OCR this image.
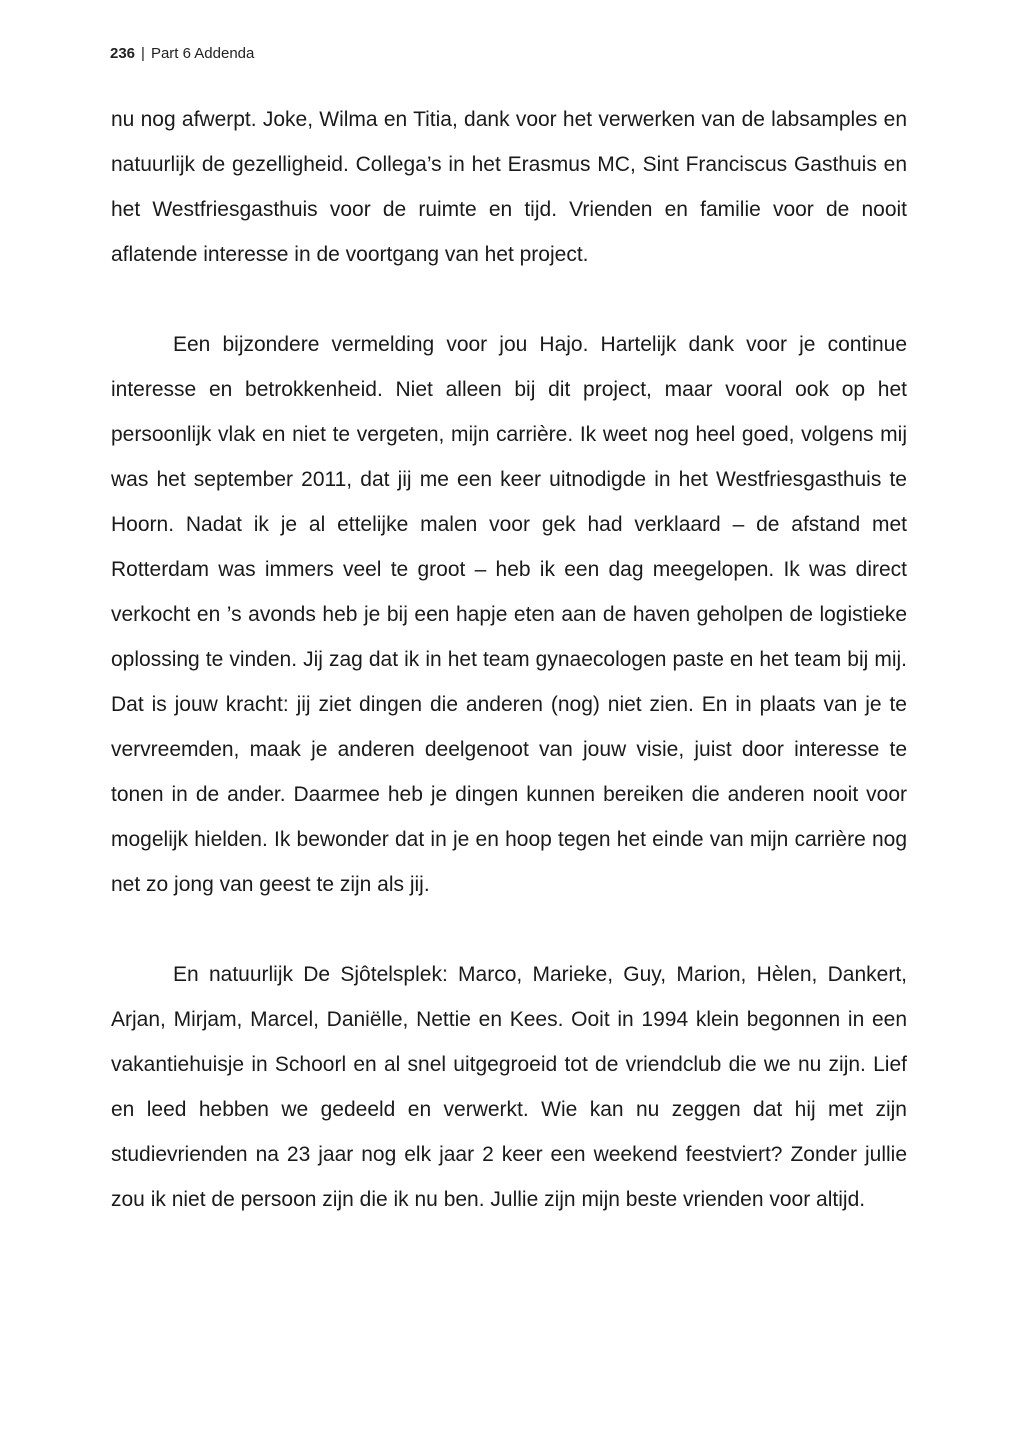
236 | Part 6 Addenda

nu nog afwerpt. Joke, Wilma en Titia, dank voor het verwerken van de labsamples en natuurlijk de gezelligheid. Collega’s in het Erasmus MC, Sint Franciscus Gasthuis en het Westfriesgasthuis voor de ruimte en tijd. Vrienden en familie voor de nooit aflatende interesse in de voortgang van het project.

Een bijzondere vermelding voor jou Hajo. Hartelijk dank voor je continue interesse en betrokkenheid. Niet alleen bij dit project, maar vooral ook op het persoonlijk vlak en niet te vergeten, mijn carrière. Ik weet nog heel goed, volgens mij was het september 2011, dat jij me een keer uitnodigde in het Westfriesgasthuis te Hoorn. Nadat ik je al ettelijke malen voor gek had verklaard – de afstand met Rotterdam was immers veel te groot – heb ik een dag meegelopen. Ik was direct verkocht en ’s avonds heb je bij een hapje eten aan de haven geholpen de logistieke oplossing te vinden. Jij zag dat ik in het team gynaecologen paste en het team bij mij. Dat is jouw kracht: jij ziet dingen die anderen (nog) niet zien. En in plaats van je te vervreemden, maak je anderen deelgenoot van jouw visie, juist door interesse te tonen in de ander. Daarmee heb je dingen kunnen bereiken die anderen nooit voor mogelijk hielden. Ik bewonder dat in je en hoop tegen het einde van mijn carrière nog net zo jong van geest te zijn als jij.

En natuurlijk De Sjôtelsplek: Marco, Marieke, Guy, Marion, Hèlen, Dankert, Arjan, Mirjam, Marcel, Daniëlle, Nettie en Kees. Ooit in 1994 klein begonnen in een vakantiehuisje in Schoorl en al snel uitgegroeid tot de vriendclub die we nu zijn. Lief en leed hebben we gedeeld en verwerkt. Wie kan nu zeggen dat hij met zijn studievrienden na 23 jaar nog elk jaar 2 keer een weekend feestviert? Zonder jullie zou ik niet de persoon zijn die ik nu ben. Jullie zijn mijn beste vrienden voor altijd.
